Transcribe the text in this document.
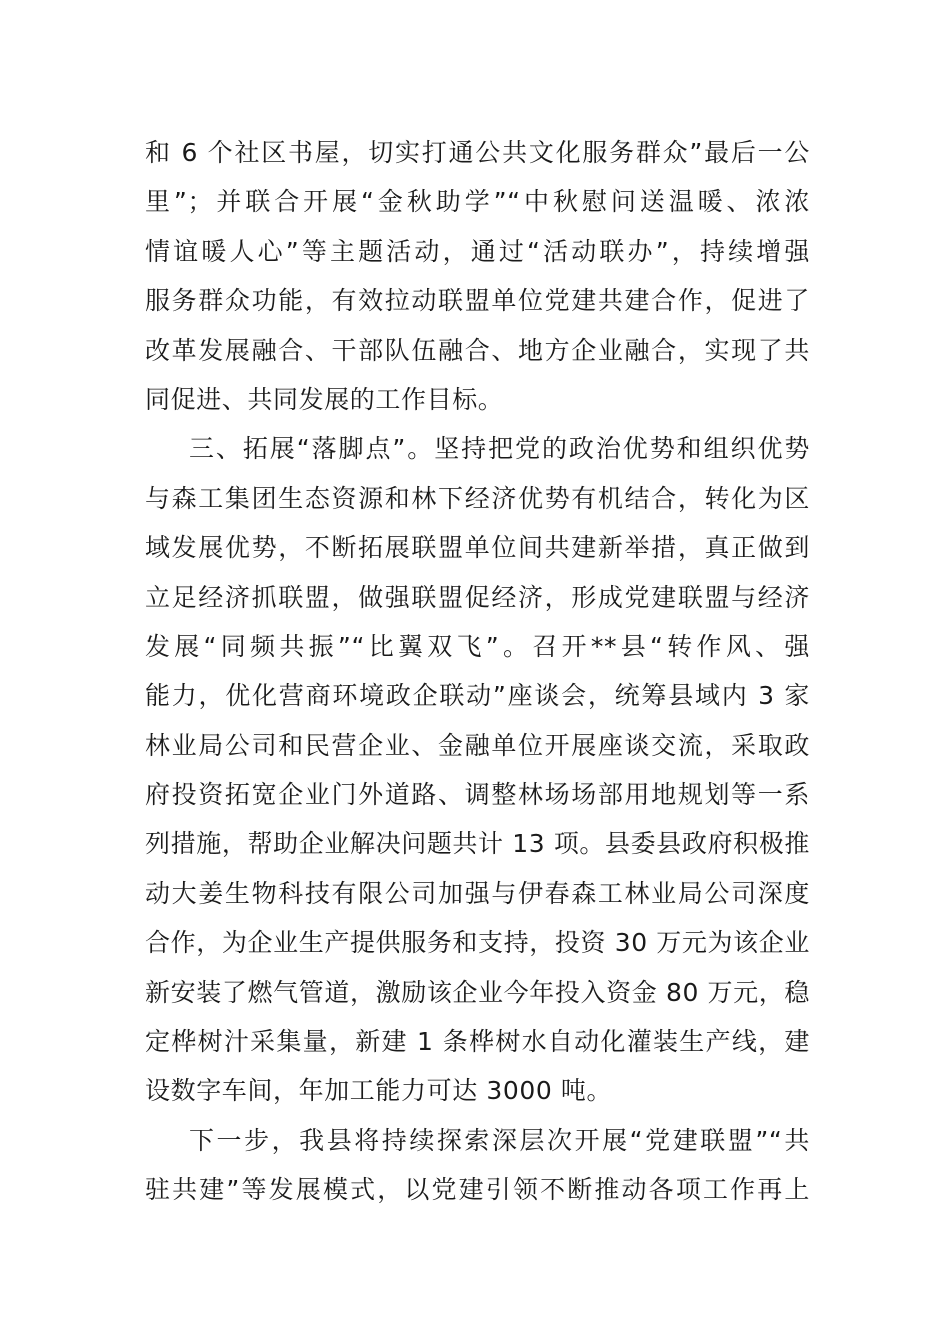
和 6 个社区书屋，切实打通公共文化服务群众”最后一公
里”；并联合开展“金秋助学”“中秋慰问送温暖、浓浓
情谊暖人心”等主题活动，通过“活动联办”，持续增强
服务群众功能，有效拉动联盟单位党建共建合作，促进了
改革发展融合、干部队伍融合、地方企业融合，实现了共
同促进、共同发展的工作目标。
三、拓展“落脚点”。坚持把党的政治优势和组织优势
与森工集团生态资源和林下经济优势有机结合，转化为区
域发展优势，不断拓展联盟单位间共建新举措，真正做到
立足经济抓联盟，做强联盟促经济，形成党建联盟与经济
发展“同频共振”“比翼双飞”。召开**县“转作风、强
能力，优化营商环境政企联动”座谈会，统筹县域内 3 家
林业局公司和民营企业、金融单位开展座谈交流，采取政
府投资拓宽企业门外道路、调整林场场部用地规划等一系
列措施，帮助企业解决问题共计 13 项。县委县政府积极推
动大姜生物科技有限公司加强与伊春森工林业局公司深度
合作，为企业生产提供服务和支持，投资 30 万元为该企业
新安装了燃气管道，激励该企业今年投入资金 80 万元，稳
定桦树汁采集量，新建 1 条桦树水自动化灌装生产线，建
设数字车间，年加工能力可达 3000 吨。
下一步，我县将持续探索深层次开展“党建联盟”“共
驻共建”等发展模式，以党建引领不断推动各项工作再上
